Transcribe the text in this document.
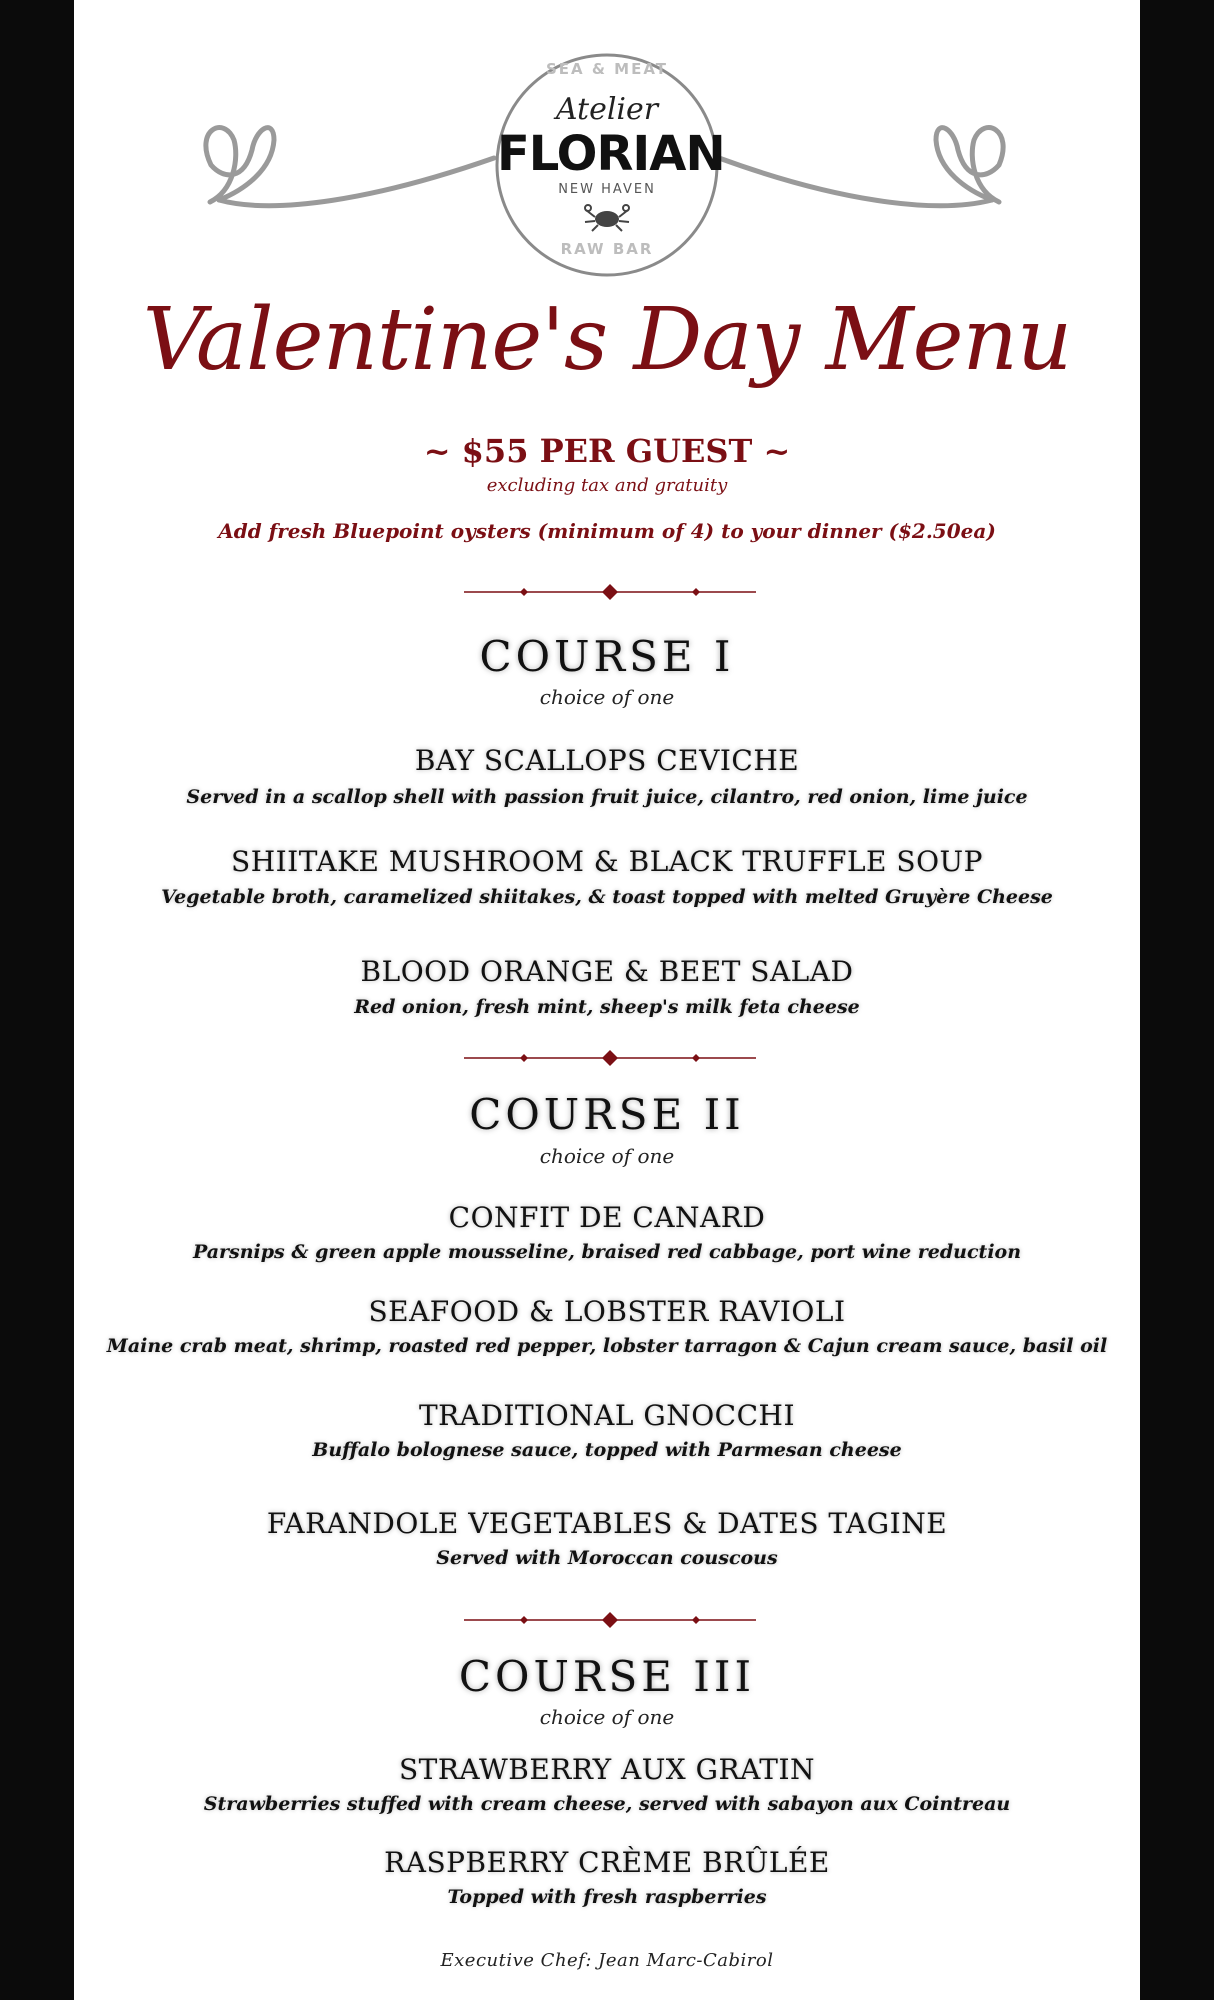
SEA & MEAT
Atelier
FLORIAN
NEW HAVEN
RAW BAR
Valentine's Day Menu
~ $55 PER GUEST ~
excluding tax and gratuity
Add fresh Bluepoint oysters (minimum of 4) to your dinner ($2.50ea)
COURSE I
choice of one
BAY SCALLOPS CEVICHE
Served in a scallop shell with passion fruit juice, cilantro, red onion, lime juice
SHIITAKE MUSHROOM & BLACK TRUFFLE SOUP
Vegetable broth, caramelized shiitakes, & toast topped with melted Gruyère Cheese
BLOOD ORANGE & BEET SALAD
Red onion, fresh mint, sheep's milk feta cheese
COURSE II
choice of one
CONFIT DE CANARD
Parsnips & green apple mousseline, braised red cabbage, port wine reduction
SEAFOOD & LOBSTER RAVIOLI
Maine crab meat, shrimp, roasted red pepper, lobster tarragon & Cajun cream sauce, basil oil
TRADITIONAL GNOCCHI
Buffalo bolognese sauce, topped with Parmesan cheese
FARANDOLE VEGETABLES & DATES TAGINE
Served with Moroccan couscous
COURSE III
choice of one
STRAWBERRY AUX GRATIN
Strawberries stuffed with cream cheese, served with sabayon aux Cointreau
RASPBERRY CRÈME BRÛLÉE
Topped with fresh raspberries
Executive Chef: Jean Marc-Cabirol
